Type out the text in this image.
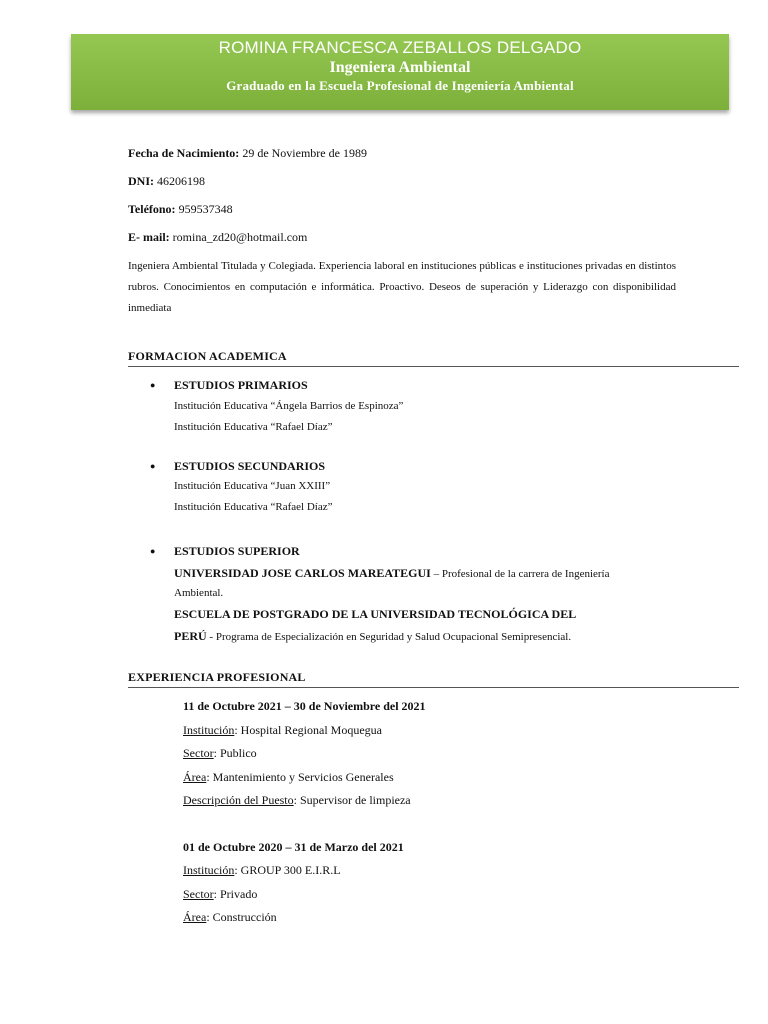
ROMINA FRANCESCA ZEBALLOS DELGADO
Ingeniera Ambiental
Graduado en la Escuela Profesional de Ingeniería Ambiental
Fecha de Nacimiento: 29 de Noviembre de 1989
DNI: 46206198
Teléfono: 959537348
E- mail: romina_zd20@hotmail.com
Ingeniera Ambiental Titulada y Colegiada. Experiencia laboral en instituciones públicas e instituciones privadas en distintos rubros. Conocimientos en computación e informática. Proactivo. Deseos de superación y Liderazgo con disponibilidad inmediata
FORMACION ACADEMICA
● ESTUDIOS PRIMARIOS
Institución Educativa “Ángela Barrios de Espinoza”
Institución Educativa “Rafael Díaz”
● ESTUDIOS SECUNDARIOS
Institución Educativa “Juan XXIII”
Institución Educativa “Rafael Díaz”
● ESTUDIOS SUPERIOR
UNIVERSIDAD JOSE CARLOS MAREATEGUI – Profesional de la carrera de Ingeniería
Ambiental.
ESCUELA DE POSTGRADO DE LA UNIVERSIDAD TECNOLÓGICA DEL
PERÚ - Programa de Especialización en Seguridad y Salud Ocupacional Semipresencial.
EXPERIENCIA PROFESIONAL
11 de Octubre 2021 – 30 de Noviembre del 2021
Institución: Hospital Regional Moquegua
Sector: Publico
Área: Mantenimiento y Servicios Generales
Descripción del Puesto: Supervisor de limpieza
01 de Octubre 2020 – 31 de Marzo del 2021
Institución: GROUP 300 E.I.R.L
Sector: Privado
Área: Construcción
